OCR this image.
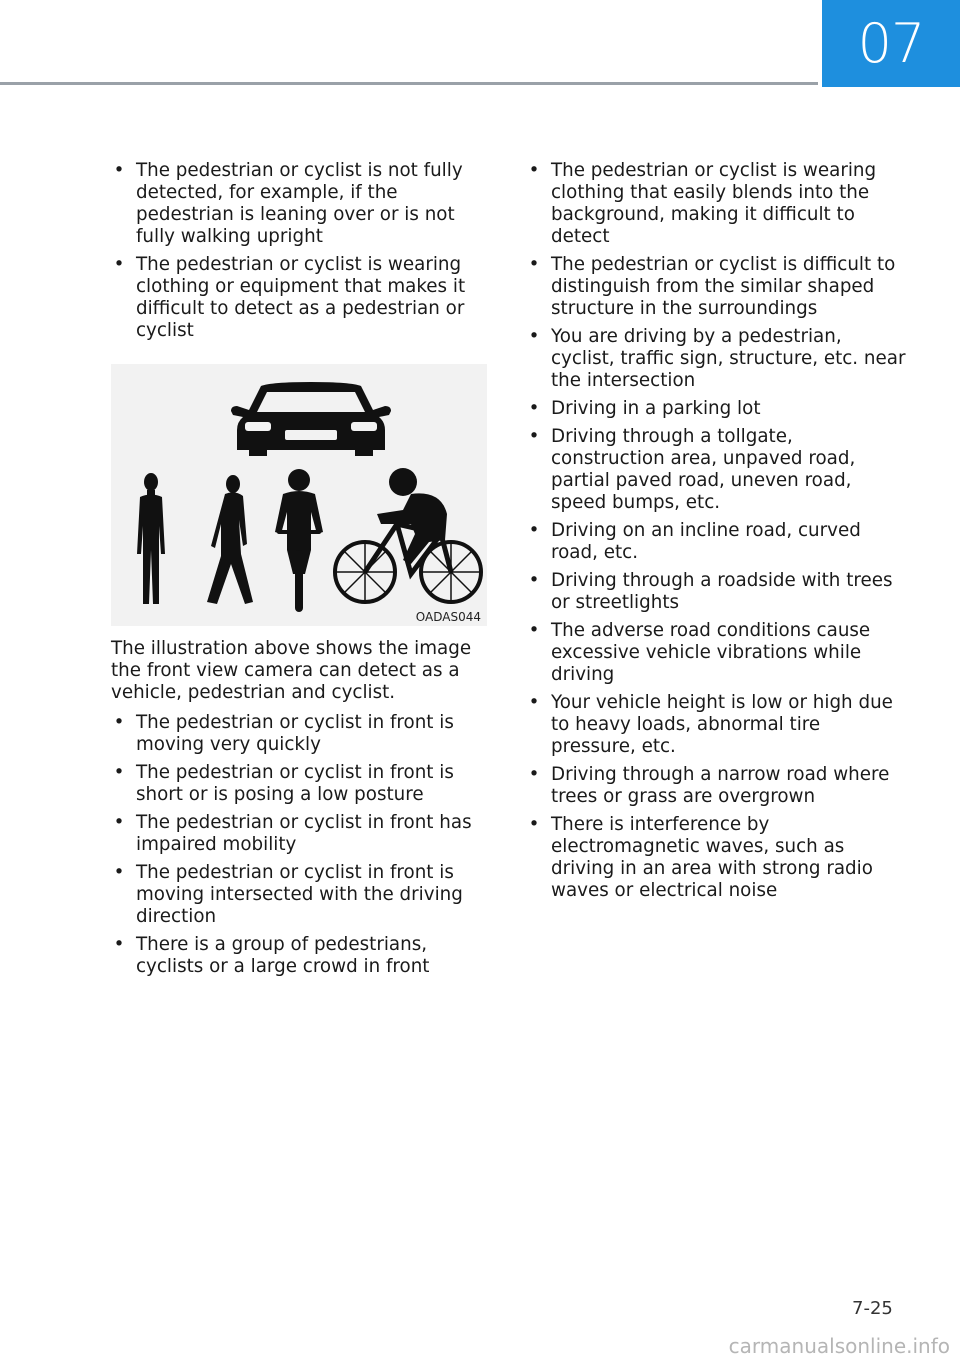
07
• The pedestrian or cyclist is not fully detected, for example, if the pedestrian is leaning over or is not fully walking upright
• The pedestrian or cyclist is wearing clothing or equipment that makes it difficult to detect as a pedestrian or cyclist
OADAS044

The illustration above shows the image the front view camera can detect as a vehicle, pedestrian and cyclist.

• The pedestrian or cyclist in front is moving very quickly
• The pedestrian or cyclist in front is short or is posing a low posture
• The pedestrian or cyclist in front has impaired mobility
• The pedestrian or cyclist in front is moving intersected with the driving direction
• There is a group of pedestrians, cyclists or a large crowd in front
• The pedestrian or cyclist is wearing clothing that easily blends into the background, making it difficult to detect
• The pedestrian or cyclist is difficult to distinguish from the similar shaped structure in the surroundings
• You are driving by a pedestrian, cyclist, traffic sign, structure, etc. near the intersection
• Driving in a parking lot
• Driving through a tollgate, construction area, unpaved road, partial paved road, uneven road, speed bumps, etc.
• Driving on an incline road, curved road, etc.
• Driving through a roadside with trees or streetlights
• The adverse road conditions cause excessive vehicle vibrations while driving
• Your vehicle height is low or high due to heavy loads, abnormal tire pressure, etc.
• Driving through a narrow road where trees or grass are overgrown
• There is interference by electromagnetic waves, such as driving in an area with strong radio waves or electrical noise
7-25
carmanualsonline.info
